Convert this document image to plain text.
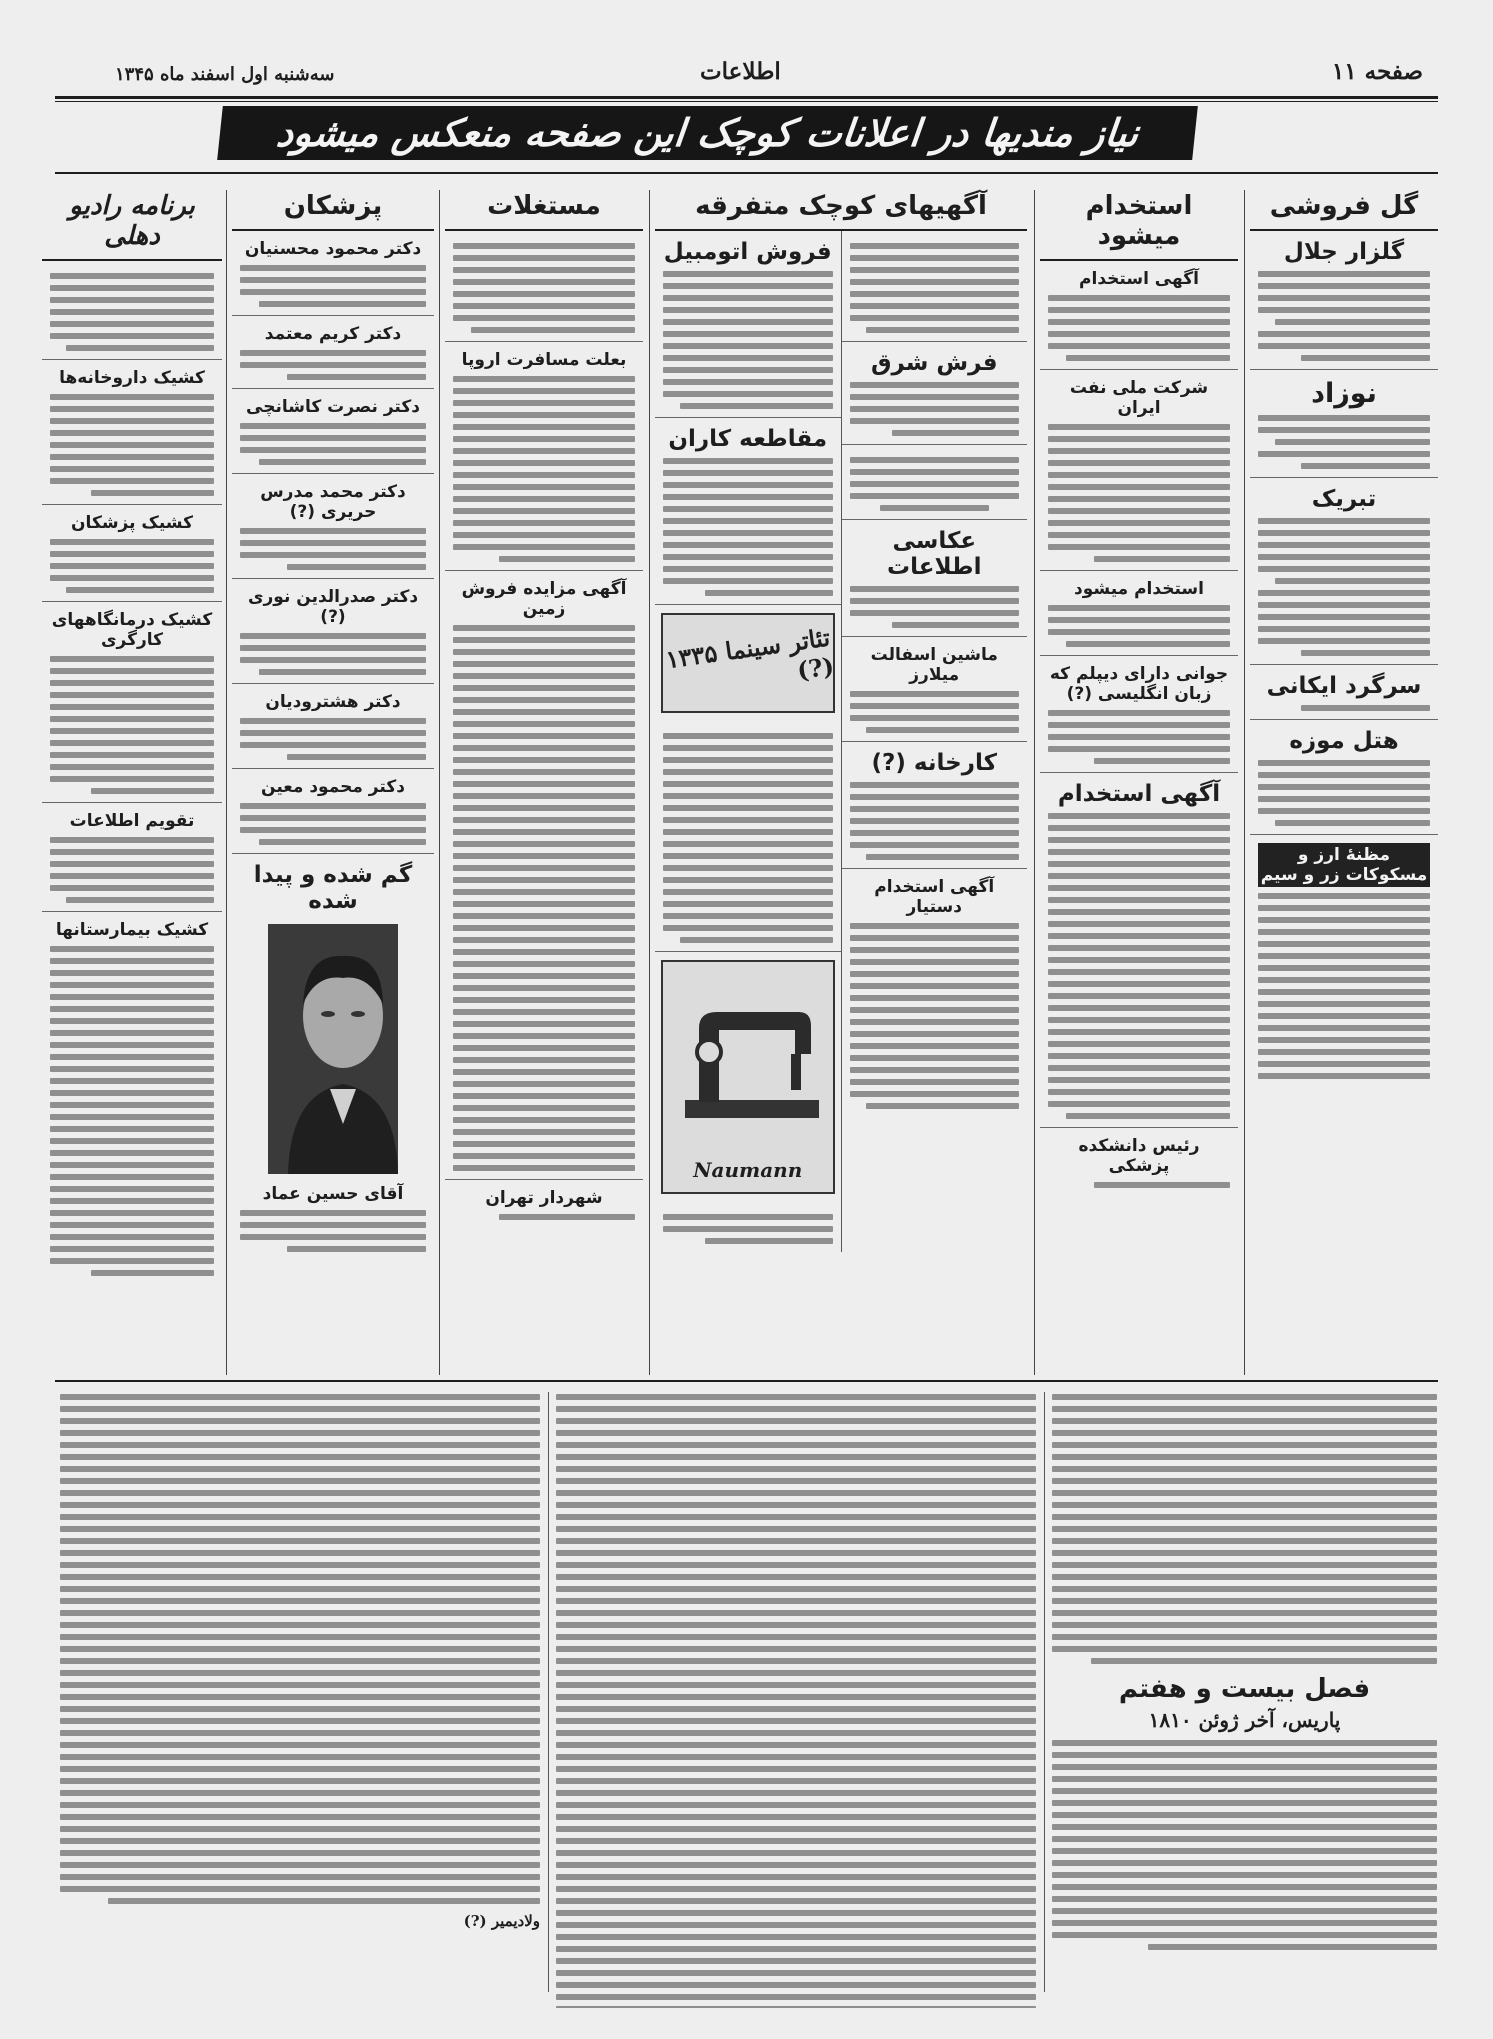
صفحه ۱۱
اطلاعات
سه‌شنبه اول اسفند ماه ۱۳۴۵
نیاز مندیها در اعلانات کوچک این صفحه منعکس میشود
گل فروشی
گلزار جلال
نوزاد
تبریک
سرگرد ایکانی
هتل موزه
مظنهٔ ارز و مسکوکات زر و سیم
استخدام میشود
آگهی استخدام
شرکت ملی نفت ایران
استخدام میشود
جوانی دارای دیپلم که زبان انگلیسی (?)
آگهی استخدام
رئیس دانشکده پزشکی
آگهیهای کوچک متفرقه
فرش شرق
عکاسی اطلاعات
ماشین اسفالت میلارز
کارخانه (?)
آگهی استخدام دستیار
فروش اتومبیل
مقاطعه کاران
تئاتر سینما ۱۳۳۵ (?)
Naumann
مستغلات
بعلت مسافرت اروپا
آگهی مزایده فروش زمین
شهردار تهران
پزشکان
دکتر محمود محسنیان
دکتر کریم معتمد
دکتر نصرت کاشانچی
دکتر محمد مدرس حریری (?)
دکتر صدرالدین نوری (?)
دکتر هشترودیان
دکتر محمود معین
گم شده و پیدا شده
آقای حسین عماد
برنامه رادیو دهلی
کشیک داروخانه‌ها
کشیک پزشکان
کشیک درمانگاههای کارگری
تقویم اطلاعات
کشیک بیمارستانها
فصل بیست و هفتم
پاریس، آخر ژوئن ۱۸۱۰
ولادیمیر (?)
